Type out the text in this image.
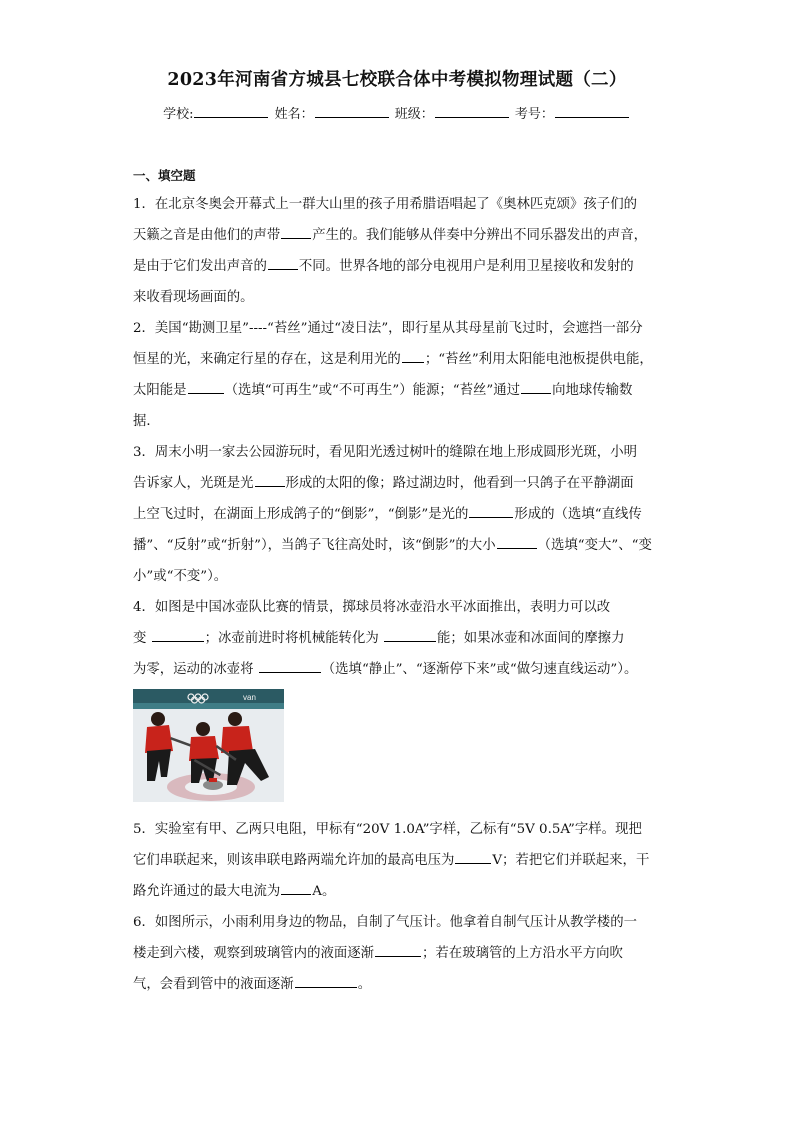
2023年河南省方城县七校联合体中考模拟物理试题（二）
学校:	姓名：	班级：	考号：
一、填空题
1．在北京冬奥会开幕式上一群大山里的孩子用希腊语唱起了《奥林匹克颂》孩子们的
天籁之音是由他们的声带 产生的。我们能够从伴奏中分辨出不同乐器发出的声音，
是由于它们发出声音的 不同。世界各地的部分电视用户是利用卫星接收和发射的
来收看现场画面的。
2．美国“勘测卫星”----“苔丝”通过“凌日法”，即行星从其母星前飞过时，会遮挡一部分
恒星的光，来确定行星的存在，这是利用光的 ；“苔丝”利用太阳能电池板提供电能，
太阳能是	（选填“可再生”或“不可再生”）能源；“苔丝”通过 向地球传输数
据．
3．周末小明一家去公园游玩时，看见阳光透过树叶的缝隙在地上形成圆形光斑，小明
告诉家人，光斑是光 形成的太阳的像；路过湖边时，他看到一只鸽子在平静湖面
上空飞过时，在湖面上形成鸽子的“倒影”，“倒影”是光的	形成的（选填“直线传
播”、“反射”或“折射”），当鸽子飞往高处时，该“倒影”的大小	（选填“变大”、“变
小”或“不变”）。
4．如图是中国冰壶队比赛的情景，掷球员将冰壶沿水平冰面推出，表明力可以改
变	；冰壶前进时将机械能转化为	能；如果冰壶和冰面间的摩擦力
为零，运动的冰壶将	（选填“静止”、“逐渐停下来”或“做匀速直线运动”）。
van
5．实验室有甲、乙两只电阻，甲标有“20V 1.0A”字样，乙标有“5V 0.5A”字样。现把
它们串联起来，则该串联电路两端允许加的最高电压为	V；若把它们并联起来，干
路允许通过的最大电流为 A。
6．如图所示，小雨利用身边的物品，自制了气压计。他拿着自制气压计从教学楼的一
楼走到六楼，观察到玻璃管内的液面逐渐	；若在玻璃管的上方沿水平方向吹
气，会看到管中的液面逐渐	。
